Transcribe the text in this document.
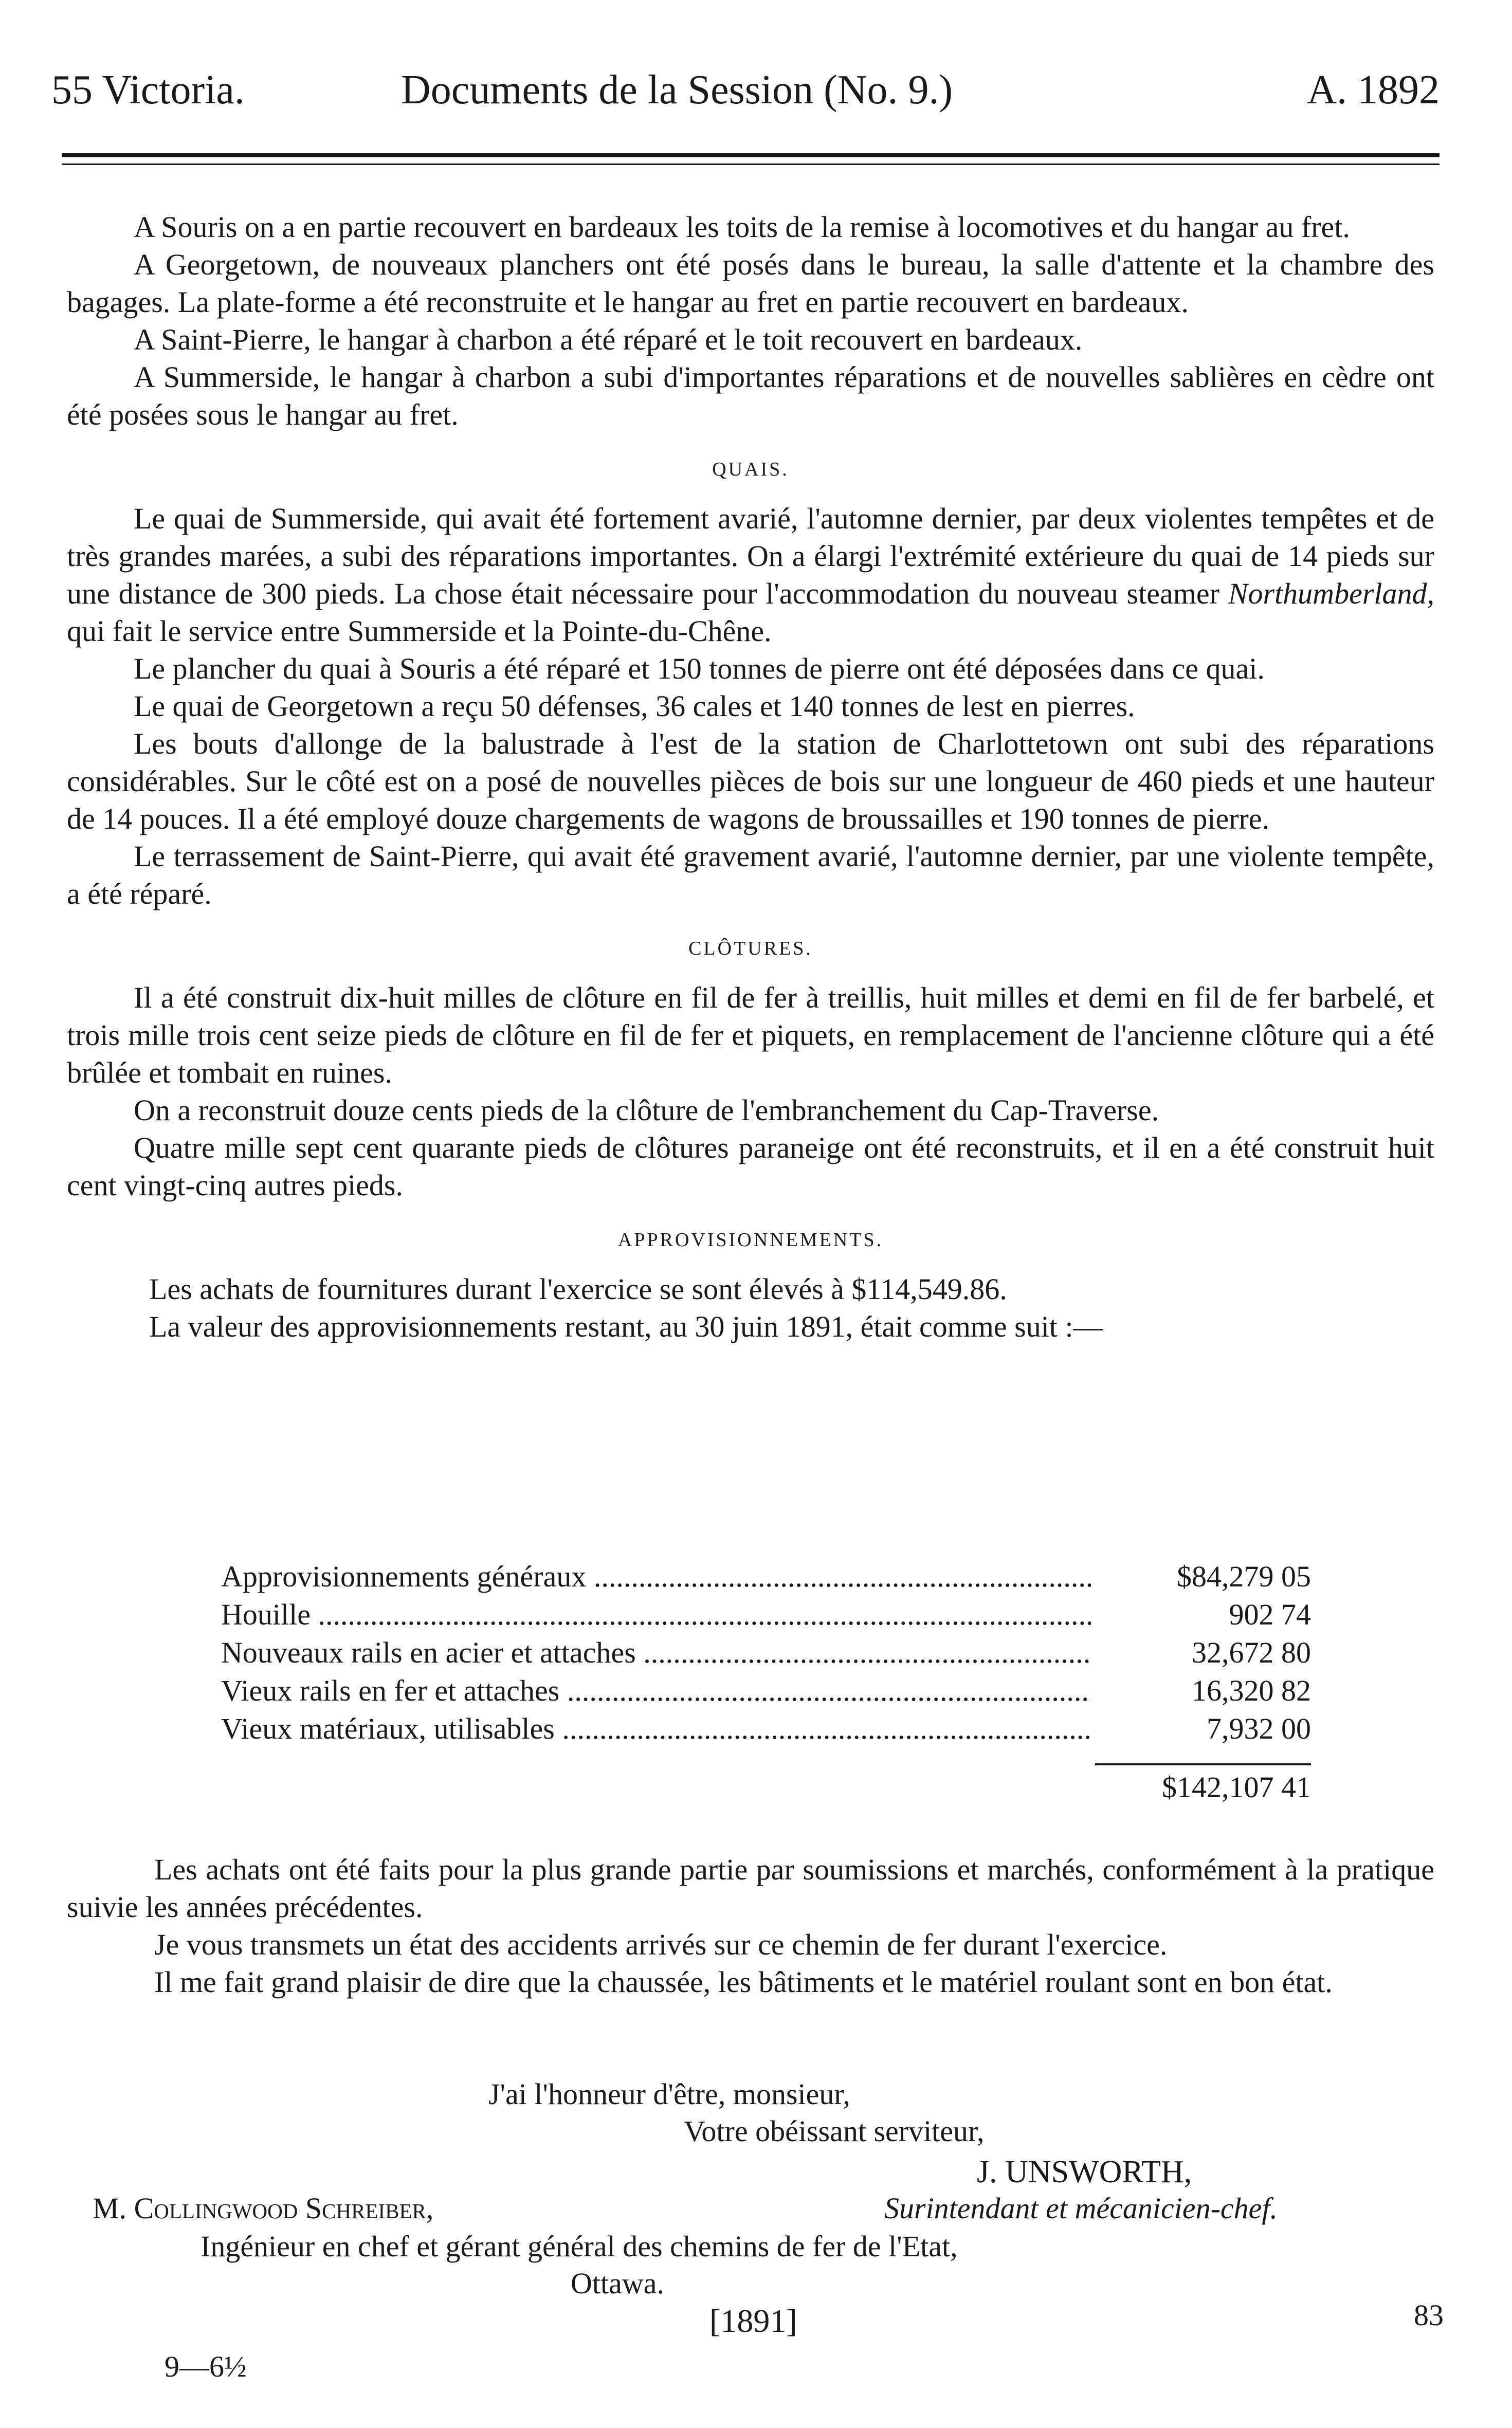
55 Victoria.	Documents de la Session (No. 9.)	A. 1892

A Souris on a en partie recouvert en bardeaux les toits de la remise à locomotives et du hangar au fret.

A Georgetown, de nouveaux planchers ont été posés dans le bureau, la salle d'attente et la chambre des bagages. La plate-forme a été reconstruite et le hangar au fret en partie recouvert en bardeaux.

A Saint-Pierre, le hangar à charbon a été réparé et le toit recouvert en bardeaux.

A Summerside, le hangar à charbon a subi d'importantes réparations et de nouvelles sablières en cèdre ont été posées sous le hangar au fret.

QUAIS.

Le quai de Summerside, qui avait été fortement avarié, l'automne dernier, par deux violentes tempêtes et de très grandes marées, a subi des réparations importantes. On a élargi l'extrémité extérieure du quai de 14 pieds sur une distance de 300 pieds. La chose était nécessaire pour l'accommodation du nouveau steamer Northumberland, qui fait le service entre Summerside et la Pointe-du-Chêne.

Le plancher du quai à Souris a été réparé et 150 tonnes de pierre ont été déposées dans ce quai.

Le quai de Georgetown a reçu 50 défenses, 36 cales et 140 tonnes de lest en pierres.

Les bouts d'allonge de la balustrade à l'est de la station de Charlottetown ont subi des réparations considérables. Sur le côté est on a posé de nouvelles pièces de bois sur une longueur de 460 pieds et une hauteur de 14 pouces. Il a été employé douze chargements de wagons de broussailles et 190 tonnes de pierre.

Le terrassement de Saint-Pierre, qui avait été gravement avarié, l'automne dernier, par une violente tempête, a été réparé.

CLÔTURES.

Il a été construit dix-huit milles de clôture en fil de fer à treillis, huit milles et demi en fil de fer barbelé, et trois mille trois cent seize pieds de clôture en fil de fer et piquets, en remplacement de l'ancienne clôture qui a été brûlée et tombait en ruines.

On a reconstruit douze cents pieds de la clôture de l'embranchement du Cap-Traverse.

Quatre mille sept cent quarante pieds de clôtures paraneige ont été reconstruits, et il en a été construit huit cent vingt-cinq autres pieds.

APPROVISIONNEMENTS.

Les achats de fournitures durant l'exercice se sont élevés à $114,549.86.

La valeur des approvisionnements restant, au 30 juin 1891, était comme suit :—

Approvisionnements généraux .....	$84,279 05
Houille .....	902 74
Nouveaux rails en acier et attaches .....	32,672 80
Vieux rails en fer et attaches .....	16,320 82
Vieux matériaux, utilisables .....	7,932 00
$142,107 41

Les achats ont été faits pour la plus grande partie par soumissions et marchés, conformément à la pratique suivie les années précédentes.

Je vous transmets un état des accidents arrivés sur ce chemin de fer durant l'exercice.

Il me fait grand plaisir de dire que la chaussée, les bâtiments et le matériel roulant sont en bon état.

J'ai l'honneur d'être, monsieur,
Votre obéissant serviteur,
J. UNSWORTH,
Surintendant et mécanicien-chef.
M. Collingwood Schreiber,
Ingénieur en chef et gérant général des chemins de fer de l'Etat,
Ottawa.
[1891]	83
9—6½
